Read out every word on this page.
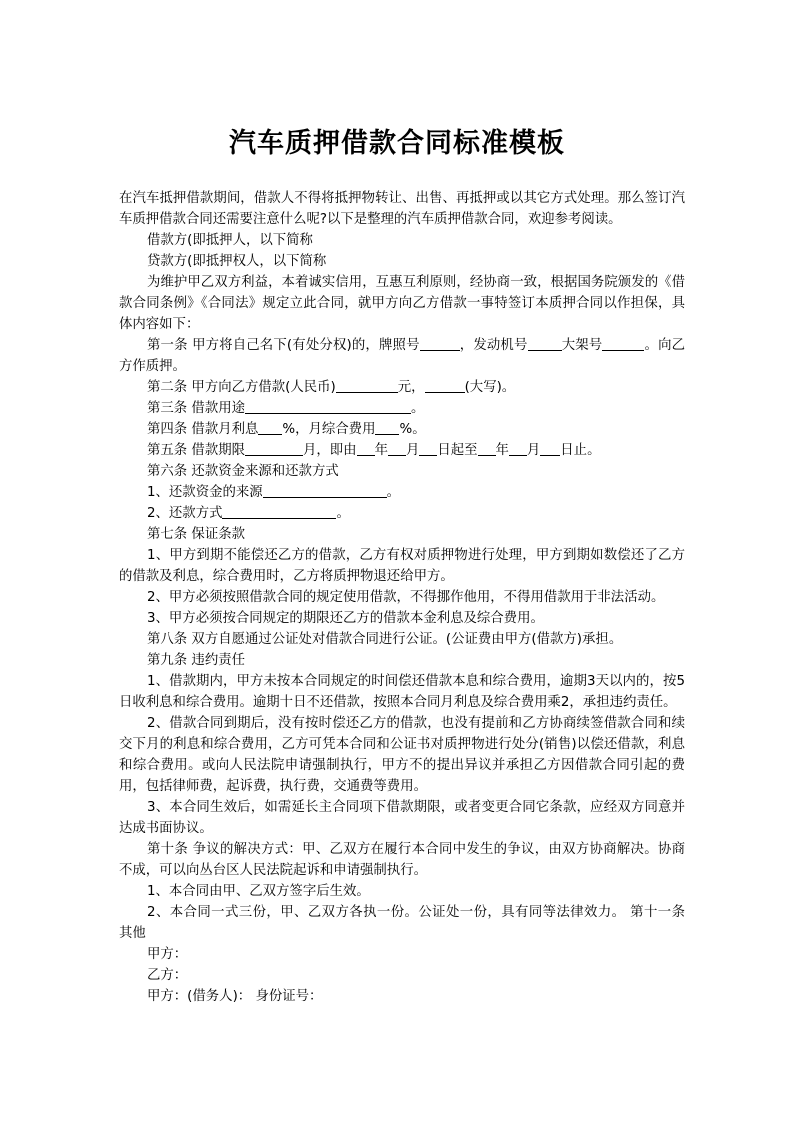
汽车质押借款合同标准模板

在汽车抵押借款期间，借款人不得将抵押物转让、出售、再抵押或以其它方式处理。那么签订汽车质押借款合同还需要注意什么呢?以下是整理的汽车质押借款合同，欢迎参考阅读。

借款方(即抵押人，以下简称

贷款方(即抵押权人，以下简称

为维护甲乙双方利益，本着诚实信用，互惠互利原则，经协商一致，根据国务院颁发的《借款合同条例》《合同法》规定立此合同，就甲方向乙方借款一事特签订本质押合同以作担保，具体内容如下：

第一条 甲方将自己名下(有处分权)的，牌照号	，发动机号	大架号	。向乙方作质押。

第二条 甲方向乙方借款(人民币)	元，	(大写)。

第三条 借款用途	。

第四条 借款月利息 %，月综合费用 %。

第五条 借款期限	月，即由 年 月 日起至 年 月 日止。

第六条 还款资金来源和还款方式

1、还款资金的来源	。

2、还款方式	。

第七条 保证条款

1、甲方到期不能偿还乙方的借款，乙方有权对质押物进行处理，甲方到期如数偿还了乙方的借款及利息，综合费用时，乙方将质押物退还给甲方。

2、甲方必须按照借款合同的规定使用借款，不得挪作他用，不得用借款用于非法活动。

3、甲方必须按合同规定的期限还乙方的借款本金利息及综合费用。

第八条 双方自愿通过公证处对借款合同进行公证。(公证费由甲方(借款方)承担。

第九条 违约责任

1、借款期内，甲方未按本合同规定的时间偿还借款本息和综合费用，逾期3天以内的，按5日收利息和综合费用。逾期十日不还借款，按照本合同月利息及综合费用乘2，承担违约责任。

2、借款合同到期后，没有按时偿还乙方的借款，也没有提前和乙方协商续签借款合同和续交下月的利息和综合费用，乙方可凭本合同和公证书对质押物进行处分(销售)以偿还借款，利息和综合费用。或向人民法院申请强制执行，甲方不的提出异议并承担乙方因借款合同引起的费用，包括律师费，起诉费，执行费，交通费等费用。

3、本合同生效后，如需延长主合同项下借款期限，或者变更合同它条款，应经双方同意并达成书面协议。

第十条 争议的解决方式：甲、乙双方在履行本合同中发生的争议，由双方协商解决。协商不成，可以向丛台区人民法院起诉和申请强制执行。

1、本合同由甲、乙双方签字后生效。

2、本合同一式三份，甲、乙双方各执一份。公证处一份，具有同等法律效力。 第十一条 其他

甲方：

乙方：

甲方：(借务人)： 身份证号：
